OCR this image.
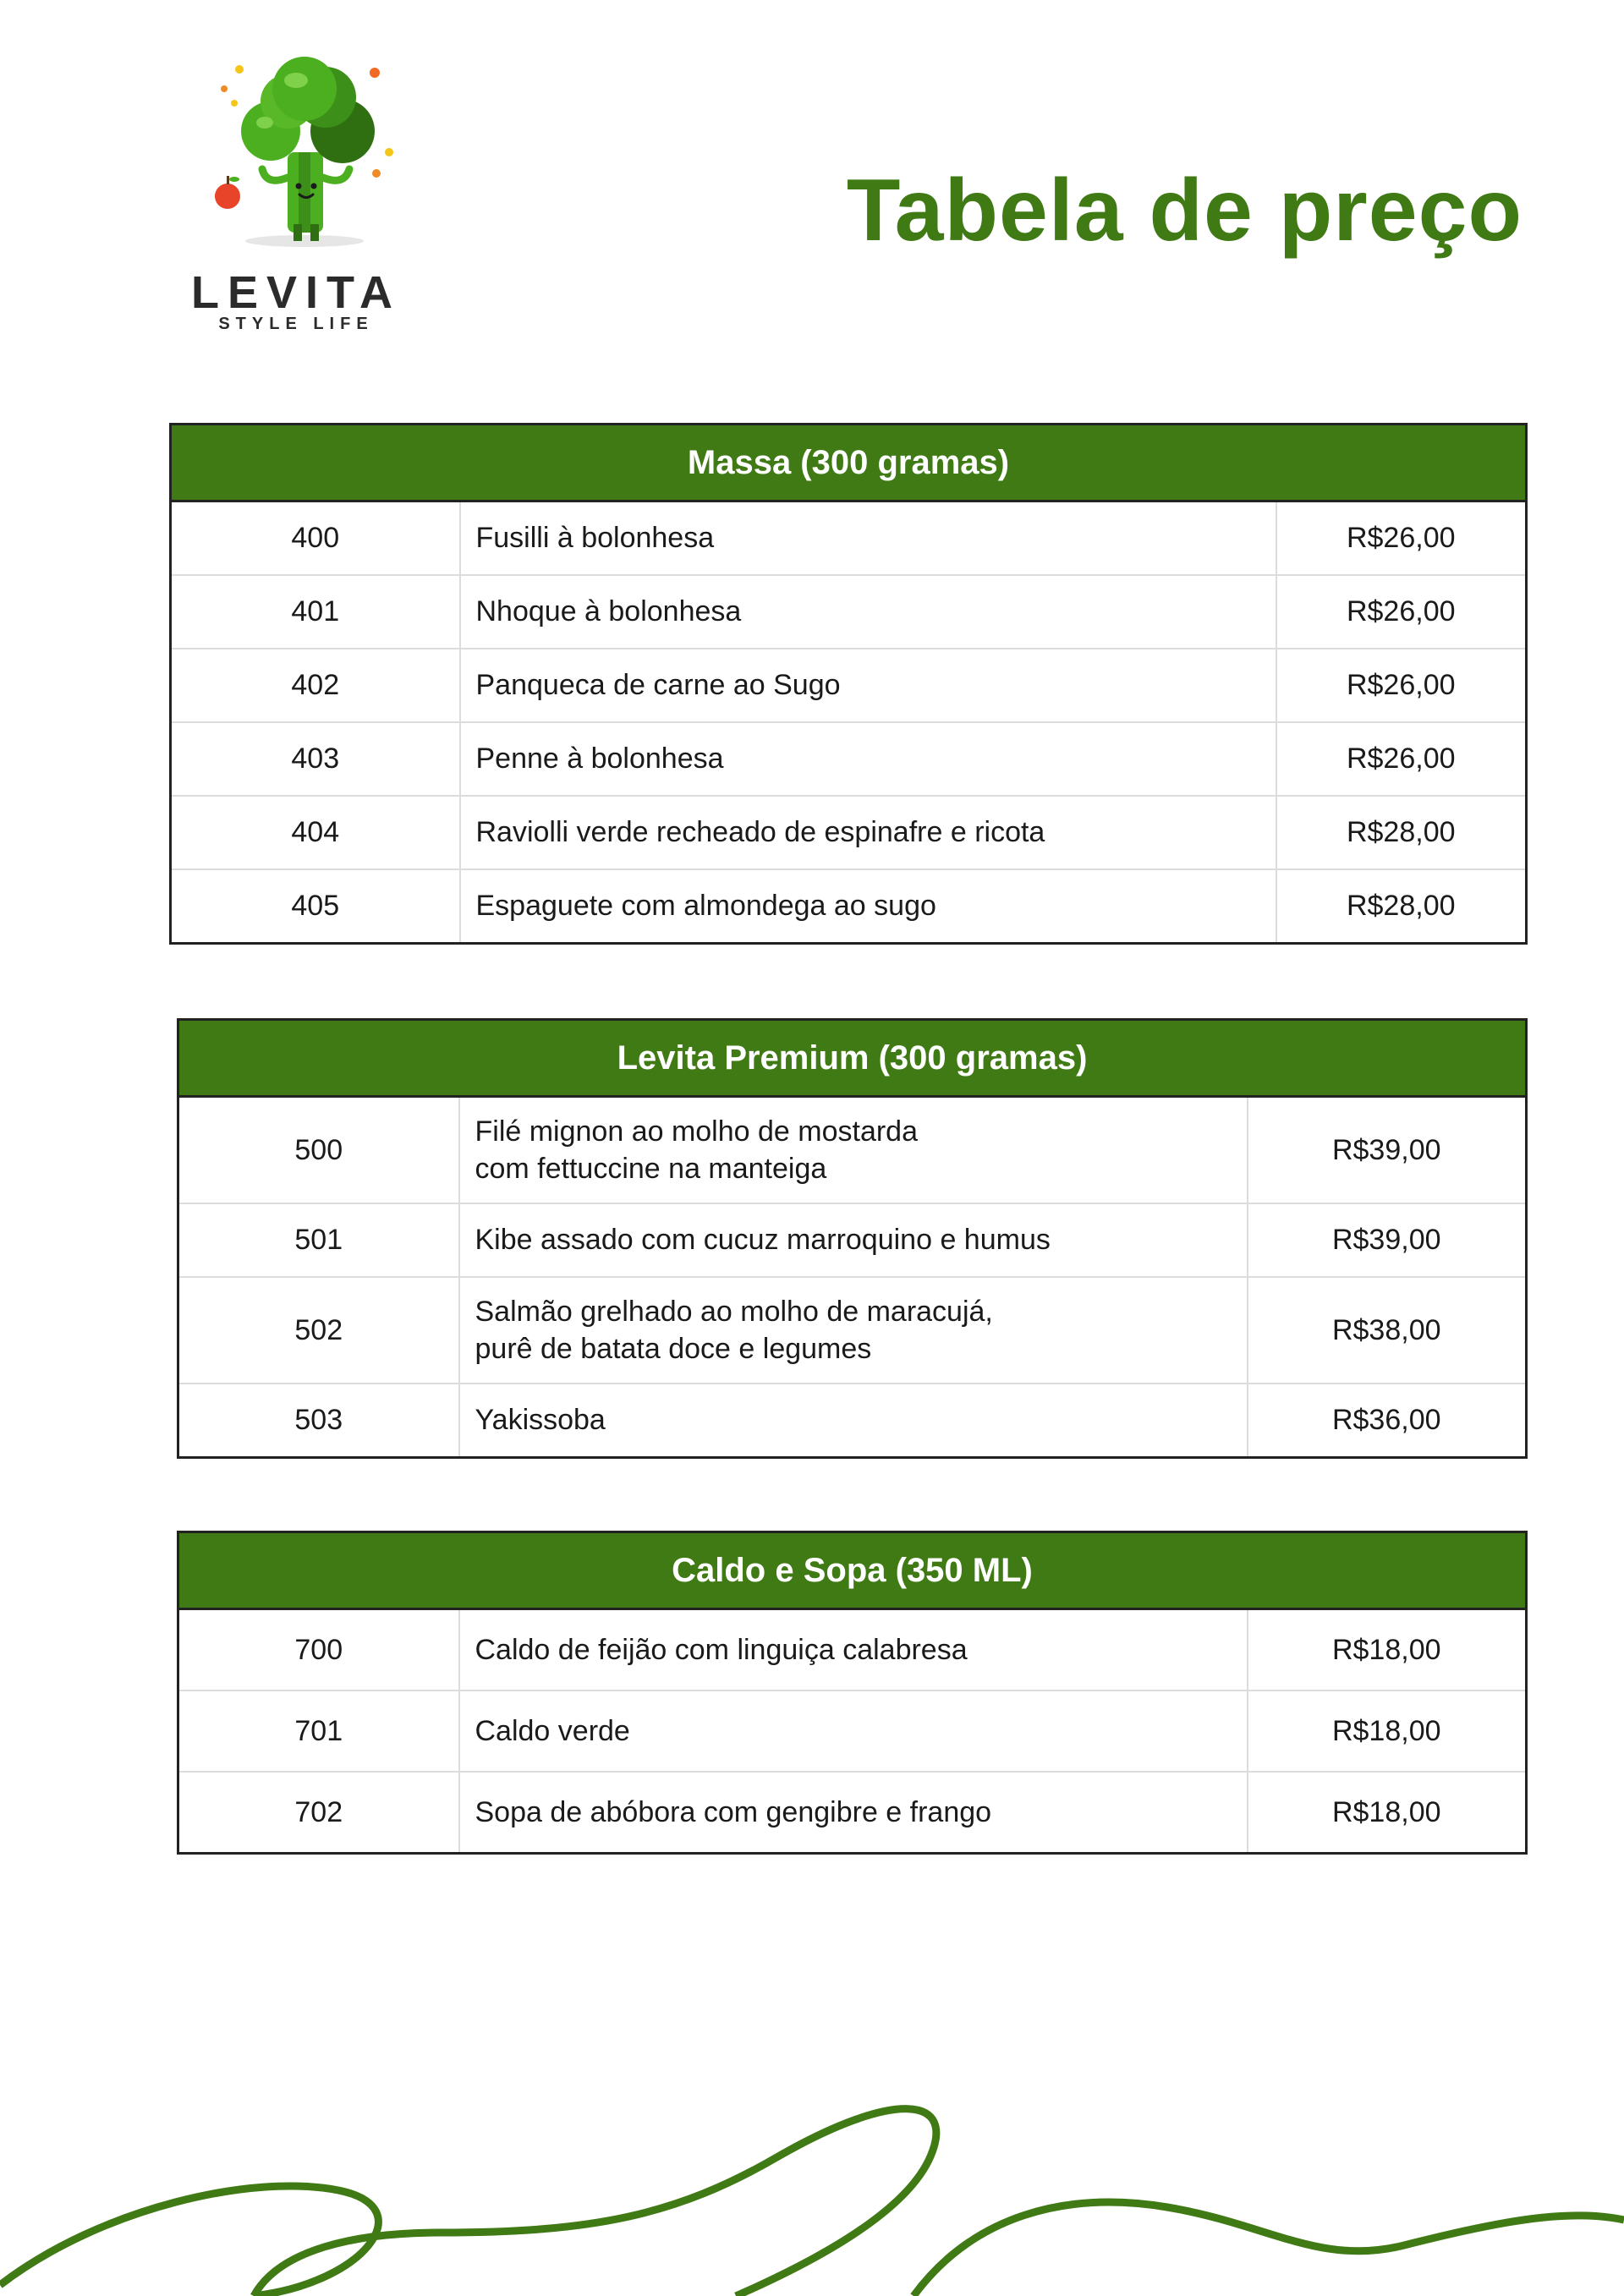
LEVITA
STYLE LIFE
Tabela de preço
Massa (300 gramas)		
400	Fusilli à bolonhesa	R$26,00
401	Nhoque à bolonhesa	R$26,00
402	Panqueca de carne ao Sugo	R$26,00
403	Penne à bolonhesa	R$26,00
404	Raviolli verde recheado de espinafre e ricota	R$28,00
405	Espaguete com almondega ao sugo	R$28,00
Levita Premium (300 gramas)		
500	Filé mignon ao molho de mostarda
com fettuccine na manteiga	R$39,00
501	Kibe assado com cucuz marroquino e humus	R$39,00
502	Salmão grelhado ao molho de maracujá,
purê de batata doce e legumes	R$38,00
503	Yakissoba	R$36,00
Caldo e Sopa (350 ML)		
700	Caldo de feijão com linguiça calabresa	R$18,00
701	Caldo verde	R$18,00
702	Sopa de abóbora com gengibre e frango	R$18,00
